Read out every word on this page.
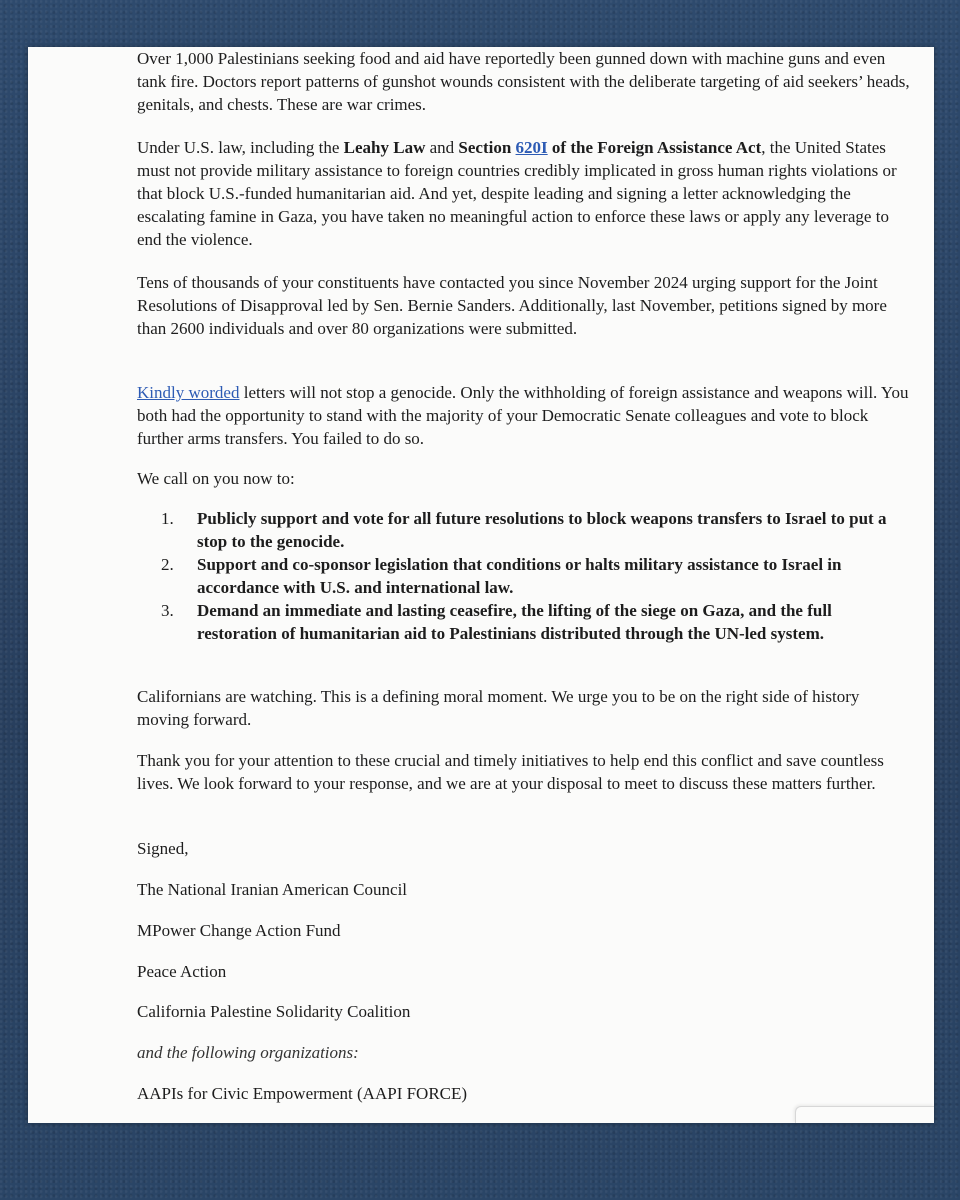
Over 1,000 Palestinians seeking food and aid have reportedly been gunned down with machine guns and even tank fire. Doctors report patterns of gunshot wounds consistent with the deliberate targeting of aid seekers’ heads, genitals, and chests. These are war crimes.

Under U.S. law, including the Leahy Law and Section 620I of the Foreign Assistance Act, the United States must not provide military assistance to foreign countries credibly implicated in gross human rights violations or that block U.S.-funded humanitarian aid. And yet, despite leading and signing a letter acknowledging the escalating famine in Gaza, you have taken no meaningful action to enforce these laws or apply any leverage to end the violence.

Tens of thousands of your constituents have contacted you since November 2024 urging support for the Joint Resolutions of Disapproval led by Sen. Bernie Sanders. Additionally, last November, petitions signed by more than 2600 individuals and over 80 organizations were submitted.

Kindly worded letters will not stop a genocide. Only the withholding of foreign assistance and weapons will. You both had the opportunity to stand with the majority of your Democratic Senate colleagues and vote to block further arms transfers. You failed to do so.

We call on you now to:

1. Publicly support and vote for all future resolutions to block weapons transfers to Israel to put a stop to the genocide.
2. Support and co-sponsor legislation that conditions or halts military assistance to Israel in accordance with U.S. and international law.
3. Demand an immediate and lasting ceasefire, the lifting of the siege on Gaza, and the full restoration of humanitarian aid to Palestinians distributed through the UN-led system.

Californians are watching. This is a defining moral moment. We urge you to be on the right side of history moving forward.

Thank you for your attention to these crucial and timely initiatives to help end this conflict and save countless lives. We look forward to your response, and we are at your disposal to meet to discuss these matters further.

Signed,

The National Iranian American Council

MPower Change Action Fund

Peace Action

California Palestine Solidarity Coalition

and the following organizations:

AAPIs for Civic Empowerment (AAPI FORCE)
